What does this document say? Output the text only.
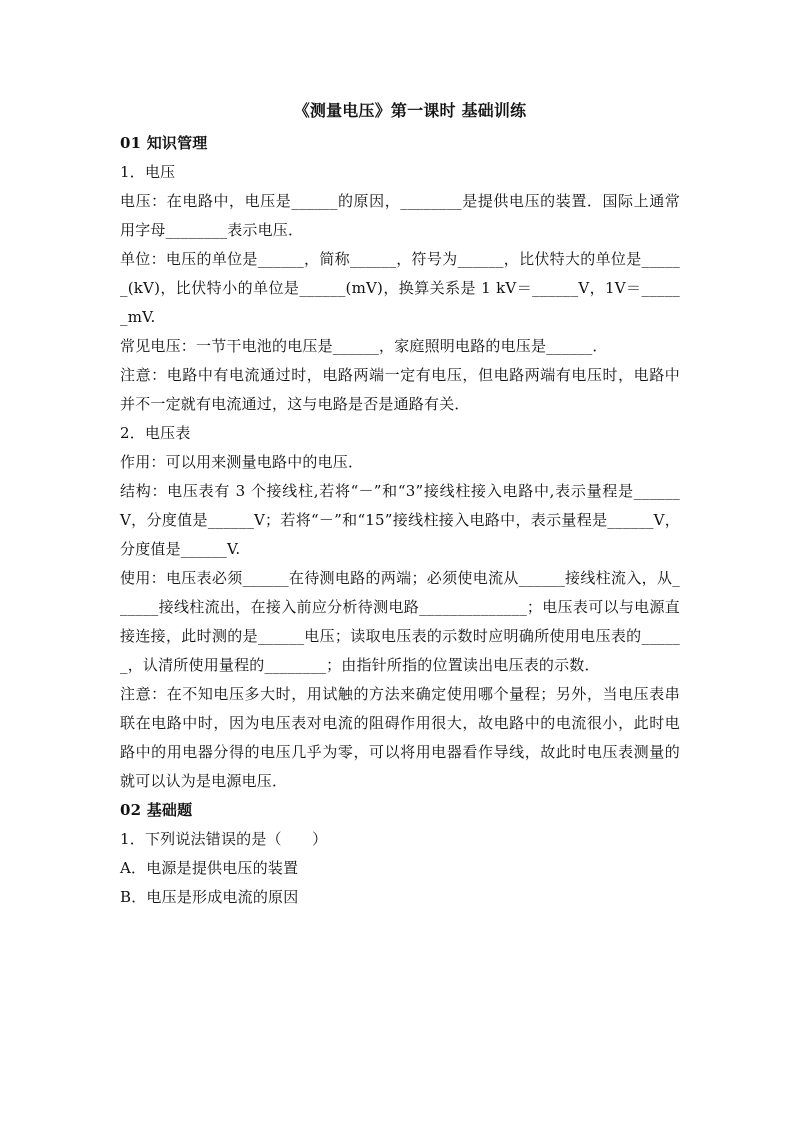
《测量电压》第一课时 基础训练

01 知识管理

1．电压

电压：在电路中，电压是______的原因，________是提供电压的装置．国际上通常用字母________表示电压．

单位：电压的单位是______，简称______，符号为______，比伏特大的单位是______(kV)，比伏特小的单位是______(mV)，换算关系是 1 kV＝______V，1V＝______mV.

常见电压：一节干电池的电压是______，家庭照明电路的电压是______．

注意：电路中有电流通过时，电路两端一定有电压，但电路两端有电压时，电路中并不一定就有电流通过，这与电路是否是通路有关．

2．电压表

作用：可以用来测量电路中的电压．

结构：电压表有 3 个接线柱,若将“－”和“3”接线柱接入电路中,表示量程是______V，分度值是______V；若将“－”和“15”接线柱接入电路中，表示量程是______V，分度值是______V.

使用：电压表必须______在待测电路的两端；必须使电流从______接线柱流入，从______接线柱流出，在接入前应分析待测电路______________；电压表可以与电源直接连接，此时测的是______电压；读取电压表的示数时应明确所使用电压表的______，认清所使用量程的________；由指针所指的位置读出电压表的示数．

注意：在不知电压多大时，用试触的方法来确定使用哪个量程；另外，当电压表串联在电路中时，因为电压表对电流的阻碍作用很大，故电路中的电流很小，此时电路中的用电器分得的电压几乎为零，可以将用电器看作导线，故此时电压表测量的就可以认为是电源电压．

02 基础题

1．下列说法错误的是（　　）

A．电源是提供电压的装置

B．电压是形成电流的原因
